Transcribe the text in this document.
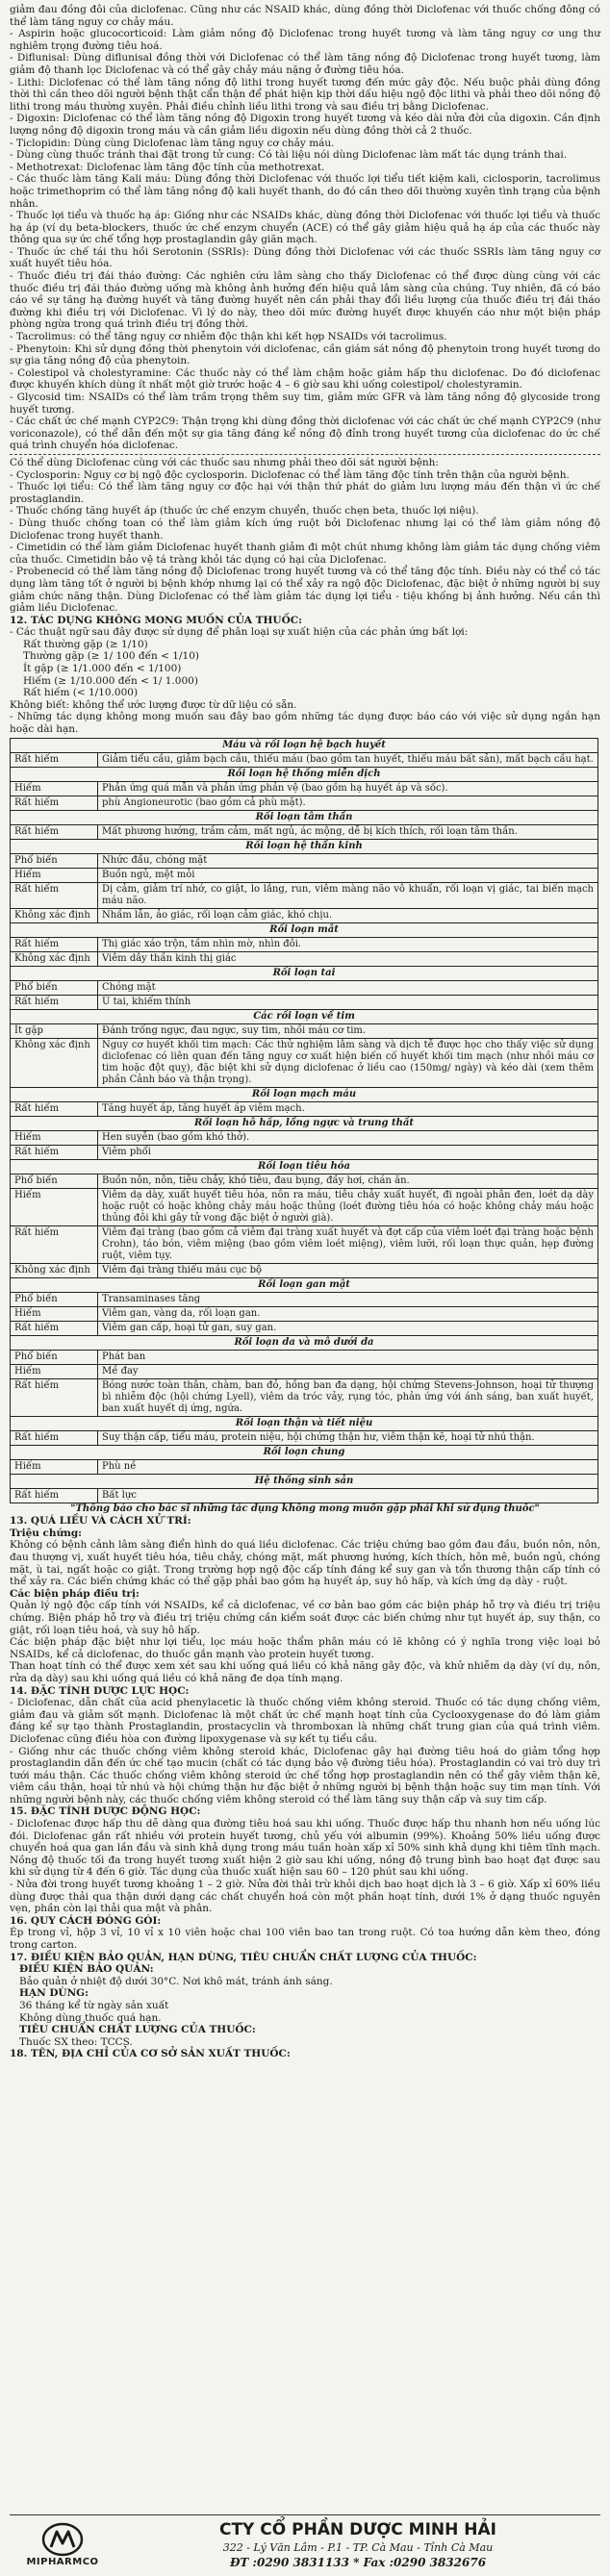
giảm đau đồng đôi của diclofenac. Cũng như các NSAID khác, dùng đồng thời Diclofenac với thuốc chống đông có thể làm tăng nguy cơ chảy máu.

- Aspirin hoặc glucocorticoid: Làm giảm nồng độ Diclofenac trong huyết tương và làm tăng nguy cơ ung thư nghiêm trọng đường tiêu hoá.

- Diflunisal: Dùng diflunisal đồng thời với Diclofenac có thể làm tăng nồng độ Diclofenac trong huyết tương, làm giảm độ thanh lọc Diclofenac và có thể gây chảy máu nặng ở đường tiêu hóa.

- Lithi: Diclofenac có thể làm tăng nồng độ lithi trong huyết tương đến mức gây độc. Nếu buộc phải dùng đồng thời thì cần theo dõi người bệnh thật cẩn thận để phát hiện kịp thời dấu hiệu ngộ độc lithi và phải theo dõi nồng độ lithi trong máu thường xuyên. Phải điều chỉnh liều lithi trong và sau điều trị bằng Diclofenac.

- Digoxin: Diclofenac có thể làm tăng nồng độ Digoxin trong huyết tương và kéo dài nửa đời của digoxin. Cần định lượng nồng độ digoxin trong máu và cần giảm liều digoxin nếu dùng đồng thời cả 2 thuốc.

- Ticlopidin: Dùng cùng Diclofenac làm tăng nguy cơ chảy máu.

- Dùng cùng thuốc tránh thai đặt trong tử cung: Có tài liệu nói dùng Diclofenac làm mất tác dụng tránh thai.

- Methotrexat: Diclofenac làm tăng độc tính của methotrexat.

- Các thuốc làm tăng Kali máu: Dùng đồng thời Diclofenac với thuốc lợi tiểu tiết kiệm kali, ciclosporin, tacrolimus hoặc trimethoprim có thể làm tăng nồng độ kali huyết thanh, do đó cần theo dõi thường xuyên tình trạng của bệnh nhân.

- Thuốc lợi tiểu và thuốc hạ áp: Giống như các NSAIDs khác, dùng đồng thời Diclofenac với thuốc lợi tiểu và thuốc hạ áp (ví dụ beta-blockers, thuốc ức chế enzym chuyển (ACE) có thể gây giảm hiệu quả hạ áp của các thuốc này thông qua sự ức chế tổng hợp prostaglandin gây giãn mạch.

- Thuốc ức chế tái thu hồi Serotonin (SSRIs): Dùng đồng thời Diclofenac với các thuốc SSRIs làm tăng nguy cơ xuất huyết tiêu hóa.

- Thuốc điều trị đái tháo đường: Các nghiên cứu lâm sàng cho thấy Diclofenac có thể được dùng cùng với các thuốc điều trị đái tháo đường uống mà không ảnh hưởng đến hiệu quả lâm sàng của chúng. Tuy nhiên, đã có báo cáo về sự tăng hạ đường huyết và tăng đường huyết nên cần phải thay đổi liều lượng của thuốc điều trị đái tháo đường khi điều trị với Diclofenac. Vì lý do này, theo dõi mức đường huyết được khuyến cáo như một biện pháp phòng ngừa trong quá trình điều trị đồng thời.

- Tacrolimus: có thể tăng nguy cơ nhiễm độc thận khi kết hợp NSAIDs với tacrolimus.

- Phenytoin: Khi sử dụng đồng thời phenytoin với diclofenac, cần giám sát nồng độ phenytoin trong huyết tương do sự gia tăng nồng độ của phenytoin.

- Colestipol và cholestyramine: Các thuốc này có thể làm chậm hoặc giảm hấp thu diclofenac. Do đó diclofenac được khuyến khích dùng ít nhất một giờ trước hoặc 4 – 6 giờ sau khi uống colestipol/ cholestyramin.

- Glycosid tim: NSAIDs có thể làm trầm trọng thêm suy tim, giảm mức GFR và làm tăng nồng độ glycoside trong huyết tương.

- Các chất ức chế mạnh CYP2C9: Thận trọng khi dùng đồng thời diclofenac với các chất ức chế mạnh CYP2C9 (như voriconazole), có thể dẫn đến một sự gia tăng đáng kể nồng độ đỉnh trong huyết tương của diclofenac do ức chế quá trình chuyển hóa diclofenac.

Có thể dùng Diclofenac cùng với các thuốc sau nhưng phải theo dõi sát người bệnh:

- Cyclosporin: Nguy cơ bị ngộ độc cyclosporin. Diclofenac có thể làm tăng độc tính trên thận của người bệnh.

- Thuốc lợi tiểu: Có thể làm tăng nguy cơ độc hại với thận thứ phát do giảm lưu lượng máu đến thận vì ức chế prostaglandin.

- Thuốc chống tăng huyết áp (thuốc ức chế enzym chuyển, thuốc chẹn beta, thuốc lợi niệu).

- Dùng thuốc chống toan có thể làm giảm kích ứng ruột bởi Diclofenac nhưng lại có thể làm giảm nồng độ Diclofenac trong huyết thanh.

- Cimetidin có thể làm giảm Diclofenac huyết thanh giảm đi một chút nhưng không làm giảm tác dụng chống viêm của thuốc. Cimetidin bảo vệ tá tràng khỏi tác dụng có hại của Diclofenac.

- Probenecid có thể làm tăng nồng độ Diclofenac trong huyết tương và có thể tăng độc tính. Điều này có thể có tác dụng làm tăng tốt ở người bị bệnh khớp nhưng lại có thể xảy ra ngộ độc Diclofenac, đặc biệt ở những người bị suy giảm chức năng thận. Dùng Diclofenac có thể làm giảm tác dụng lợi tiểu - tiệu khống bị ảnh hưởng. Nếu cần thì giảm liều Diclofenac.

12. TÁC DỤNG KHÔNG MONG MUỐN CỦA THUỐC:

- Các thuật ngữ sau đây được sử dụng để phân loại sự xuất hiện của các phản ứng bất lợi:

Rất thường gặp (≥ 1/10)

Thường gặp (≥ 1/ 100 đến < 1/10)

Ít gặp (≥ 1/1.000 đến < 1/100)

Hiếm (≥ 1/10.000 đến < 1/ 1.000)

Rất hiếm (< 1/10.000)

Không biết: không thể ước lượng được từ dữ liệu có sẵn.

- Những tác dụng không mong muốn sau đây bao gồm những tác dụng được báo cáo với việc sử dụng ngắn hạn hoặc dài hạn.

Máu và rối loạn hệ bạch huyết	
Rất hiếm	Giảm tiểu cầu, giảm bạch cầu, thiếu máu (bao gồm tan huyết, thiếu máu bất sản), mất bạch cầu hạt.
Rối loạn hệ thống miễn dịch	
Hiếm	Phản ứng quá mẫn và phản ứng phản vệ (bao gồm hạ huyết áp và sốc).
Rất hiếm	phù Angioneurotic (bao gồm cả phù mặt).
Rối loạn tâm thần	
Rất hiếm	Mất phương hướng, trầm cảm, mất ngủ, ác mộng, dễ bị kích thích, rối loạn tâm thần.
Rối loạn hệ thần kinh	
Phổ biến	Nhức đầu, chóng mặt
Hiếm	Buồn ngủ, mệt mỏi
Rất hiếm	Dị cảm, giảm trí nhớ, co giật, lo lắng, run, viêm màng não vô khuẩn, rối loạn vị giác, tai biến mạch máu não.
Không xác định	Nhầm lẫn, ảo giác, rối loạn cảm giác, khó chịu.
Rối loạn mắt	
Rất hiếm	Thị giác xáo trộn, tầm nhìn mờ, nhìn đôi.
Không xác định	Viêm dây thần kinh thị giác
Rối loạn tai	
Phổ biến	Chóng mặt
Rất hiếm	Ù tai, khiếm thính
Các rối loạn về tim	
Ít gặp	Đánh trống ngực, đau ngực, suy tim, nhồi máu cơ tim.
Không xác định	Nguy cơ huyết khối tim mạch: Các thử nghiệm lâm sàng và dịch tễ được học cho thấy việc sử dụng diclofenac có liên quan đến tăng nguy cơ xuất hiện biến cố huyết khối tim mạch (như nhồi máu cơ tim hoặc đột quỵ), đặc biệt khi sử dụng diclofenac ở liều cao (150mg/ ngày) và kéo dài (xem thêm phần Cảnh báo và thận trọng).
Rối loạn mạch máu	
Rất hiếm	Tăng huyết áp, tăng huyết áp viêm mạch.
Rối loạn hô hấp, lồng ngực và trung thất	
Hiếm	Hen suyễn (bao gồm khó thở).
Rất hiếm	Viêm phổi
Rối loạn tiêu hóa	
Phổ biến	Buồn nôn, nôn, tiêu chảy, khó tiêu, đau bụng, đầy hơi, chán ăn.
Hiếm	Viêm dạ dày, xuất huyết tiêu hóa, nôn ra máu, tiêu chảy xuất huyết, đi ngoài phân đen, loét dạ dày hoặc ruột có hoặc không chảy máu hoặc thủng (loét đường tiêu hóa có hoặc không chảy máu hoặc thủng đôi khi gây tử vong đặc biệt ở người già).
Rất hiếm	Viêm đại tràng (bao gồm cả viêm đại tràng xuất huyết và đợt cấp của viêm loét đại tràng hoặc bệnh Crohn), táo bón, viêm miệng (bao gồm viêm loét miệng), viêm lưỡi, rối loạn thực quản, hẹp đường ruột, viêm tụy.
Không xác định	Viêm đại tràng thiếu máu cục bộ
Rối loạn gan mật	
Phổ biến	Transaminases tăng
Hiếm	Viêm gan, vàng da, rối loạn gan.
Rất hiếm	Viêm gan cấp, hoại tử gan, suy gan.
Rối loạn da và mô dưới da	
Phổ biến	Phát ban
Hiếm	Mề đay
Rất hiếm	Bóng nước toàn thân, chàm, ban đỏ, hồng ban đa dạng, hội chứng Stevens-Johnson, hoại tử thượng bì nhiễm độc (hội chứng Lyell), viêm da tróc vảy, rụng tóc, phản ứng với ánh sáng, ban xuất huyết, ban xuất huyết dị ứng, ngứa.
Rối loạn thận và tiết niệu	
Rất hiếm	Suy thận cấp, tiểu máu, protein niệu, hội chứng thận hư, viêm thận kẽ, hoại tử nhú thận.
Rối loạn chung	
Hiếm	Phù nề
Hệ thống sinh sản	
Rất hiếm	Bất lực

"Thông báo cho bác sĩ những tác dụng không mong muốn gặp phải khi sử dụng thuốc"

13. QUÁ LIỀU VÀ CÁCH XỬ TRÍ:

Triệu chứng:

Không có bệnh cảnh lâm sàng điển hình do quá liều diclofenac. Các triệu chứng bao gồm đau đầu, buồn nôn, nôn, đau thượng vị, xuất huyết tiêu hóa, tiêu chảy, chóng mặt, mất phương hướng, kích thích, hôn mê, buồn ngủ, chóng mặt, ù tai, ngất hoặc co giật. Trong trường hợp ngộ độc cấp tính đáng kể suy gan và tổn thương thận cấp tính có thể xảy ra. Các biến chứng khác có thể gặp phải bao gồm hạ huyết áp, suy hô hấp, và kích ứng dạ dày - ruột.

Các biện pháp điều trị:

Quản lý ngộ độc cấp tính với NSAIDs, kể cả diclofenac, về cơ bản bao gồm các biện pháp hỗ trợ và điều trị triệu chứng. Biện pháp hỗ trợ và điều trị triệu chứng cần kiểm soát được các biến chứng như tụt huyết áp, suy thận, co giật, rối loạn tiêu hoá, và suy hô hấp.

Các biện pháp đặc biệt như lợi tiểu, lọc máu hoặc thẩm phân máu có lẽ không có ý nghĩa trong việc loại bỏ NSAIDs, kể cả diclofenac, do thuốc gắn mạnh vào protein huyết tương.

Than hoạt tính có thể được xem xét sau khi uống quá liều có khả năng gây độc, và khử nhiễm dạ dày (ví dụ, nôn, rửa dạ dày) sau khi uống quá liều có khả năng đe dọa tính mạng.

14. ĐẶC TÍNH DƯỢC LỰC HỌC:

- Diclofenac, dẫn chất của acid phenylacetic là thuốc chống viêm không steroid. Thuốc có tác dụng chống viêm, giảm đau và giảm sốt mạnh. Diclofenac là một chất ức chế mạnh hoạt tính của Cyclooxygenase do đó làm giảm đáng kể sự tạo thành Prostaglandin, prostacyclin và thromboxan là những chất trung gian của quá trình viêm. Diclofenac cũng điều hòa con đường lipoxygenase và sự kết tụ tiểu cầu.

- Giống như các thuốc chống viêm không steroid khác, Diclofenac gây hại đường tiêu hoá do giảm tổng hợp prostaglandin dẫn đến ức chế tạo mucin (chất có tác dụng bảo vệ đường tiêu hóa). Prostaglandin có vai trò duy trì tưới máu thận. Các thuốc chống viêm không steroid ức chế tổng hợp prostaglandin nên có thể gây viêm thận kẽ, viêm cầu thận, hoại tử nhú và hội chứng thận hư đặc biệt ở những người bị bệnh thận hoặc suy tim mạn tính. Với những người bệnh này, các thuốc chống viêm không steroid có thể làm tăng suy thận cấp và suy tim cấp.

15. ĐẶC TÍNH DƯỢC ĐỘNG HỌC:

- Diclofenac được hấp thu dễ dàng qua đường tiêu hoá sau khi uống. Thuốc được hấp thu nhanh hơn nếu uống lúc đói. Diclofenac gắn rất nhiều với protein huyết tương, chủ yếu với albumin (99%). Khoảng 50% liều uống được chuyển hoá qua gan lần đầu và sinh khả dụng trong máu tuần hoàn xấp xỉ 50% sinh khả dụng khi tiêm tĩnh mạch. Nồng độ thuốc tối đa trong huyết tương xuất hiện 2 giờ sau khi uống, nồng độ trung bình bao hoạt đạt được sau khi sử dụng từ 4 đến 6 giờ. Tác dụng của thuốc xuất hiện sau 60 – 120 phút sau khi uống.

- Nửa đời trong huyết tương khoảng 1 – 2 giờ. Nửa đời thải trừ khỏi dịch bao hoạt dịch là 3 – 6 giờ. Xấp xỉ 60% liều dùng được thải qua thận dưới dạng các chất chuyển hoá còn một phần hoạt tính, dưới 1% ở dạng thuốc nguyên vẹn, phần còn lại thải qua mật và phân.

16. QUY CÁCH ĐÓNG GÓI:

Ép trong vỉ, hộp 3 vỉ, 10 vỉ x 10 viên hoặc chai 100 viên bao tan trong ruột. Có toa hướng dẫn kèm theo, đóng trong carton.

17. ĐIỀU KIỆN BẢO QUẢN, HẠN DÙNG, TIÊU CHUẨN CHẤT LƯỢNG CỦA THUỐC:

ĐIỀU KIỆN BẢO QUẢN:

Bảo quản ở nhiệt độ dưới 30°C. Nơi khô mát, tránh ánh sáng.

HẠN DÙNG:

36 tháng kể từ ngày sản xuất

Không dùng thuốc quá hạn.

TIÊU CHUẨN CHẤT LƯỢNG CỦA THUỐC:

Thuốc SX theo: TCCS.

18. TÊN, ĐỊA CHỈ CỦA CƠ SỞ SẢN XUẤT THUỐC:

MIPHARMCO
CTY CỔ PHẦN DƯỢC MINH HẢI
322 - Lý Văn Lâm - P.1 - TP. Cà Mau - Tỉnh Cà Mau
ĐT :0290 3831133 * Fax :0290 3832676
